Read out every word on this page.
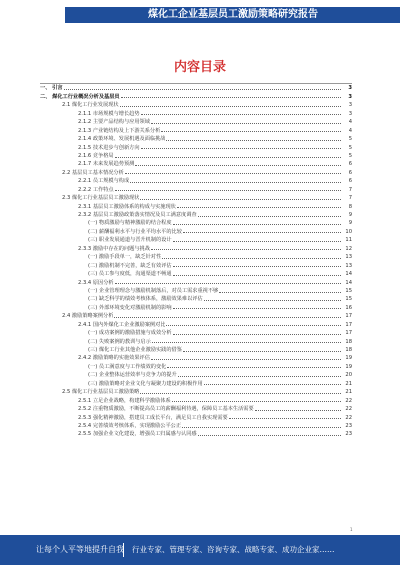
煤化工企业基层员工激励策略研究报告
内容目录
一、 引言	3
二、 煤化工行业概况分析及基层员	3
2.1 煤化工行业发展现状	3
2.1.1 市场规模与增长趋势	3
2.1.2 主要产品结构与应用领域	4
2.1.3 产业链结构及上下游关系分析	4
2.1.4 政策环境、发展机遇及面临挑战	5
2.1.5 技术进步与创新方向	5
2.1.6 竞争格局	5
2.1.7 未来发展趋势预测	6
2.2 基层员工基本情况分析	6
2.2.1 员工规模与构成	6
2.2.2 工作特点	7
2.3 煤化工行业基层员工激励现状	7
2.3.1 基层员工激励体系的构成与实施现状	8
2.3.2 基层员工激励政策落实情况及员工满意度调查	9
(一) 物质激励与精神激励的结合程度	9
(二) 薪酬福利水平与行业平均水平的比较	10
(三) 职业发展通道与晋升机制的设计	11
2.3.3 激励中存在的问题与挑战	12
(一) 激励手段单一，缺乏针对性	13
(二) 激励机制不完善，缺乏有效评估	13
(三) 员工参与度低，沟通渠道不畅通	14
2.3.4 原因分析	14
(一) 企业管理理念与激励机制落后，对员工需求重视不够	15
(二) 缺乏科学的绩效考核体系，激励效果难以评估	15
(三) 外部环境变化对激励机制的影响	16
2.4 激励策略案例分析	17
2.4.1 国内外煤化工企业激励案例对比	17
(一) 成功案例的激励措施与成效分析	17
(二) 失败案例的教训与启示	18
(三) 煤化工行业其他企业激励实践的借鉴	18
2.4.2 激励策略的实施效果评估	19
(一) 员工满意度与工作绩效的变化	19
(二) 企业整体运营效率与竞争力的提升	20
(三) 激励策略对企业文化与凝聚力建设的积极作用	21
2.5 煤化工行业基层员工激励策略	21
2.5.1 立足企业战略，构建科学激励体系	22
2.5.2 注重物质激励，不断提高员工的薪酬福利待遇，保障员工基本生活需要	22
2.5.3 强化精神激励，搭建员工成长平台，满足员工自我实现需要	22
2.5.4 完善绩效考核体系，实现激励公平公正	23
2.5.5 加强企业文化建设，增强员工归属感与认同感	23
1
让每个人平等地提升自我 行业专家、管理专家、咨询专家、战略专家、成功企业家……
